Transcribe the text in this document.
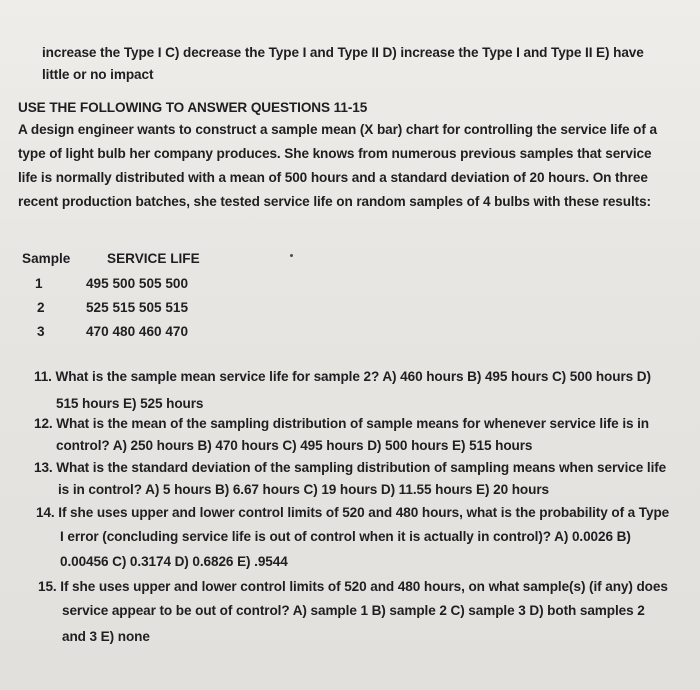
increase the Type I C) decrease the Type I and Type II D) increase the Type I and Type II E) have
little or no impact
USE THE FOLLOWING TO ANSWER QUESTIONS 11-15
A design engineer wants to construct a sample mean (X bar) chart for controlling the service life of a
type of light bulb her company produces. She knows from numerous previous samples that service
life is normally distributed with a mean of 500 hours and a standard deviation of 20 hours. On three
recent production batches, she tested service life on random samples of 4 bulbs with these results:
Sample	SERVICE LIFE
1	495 500 505 500
2	525 515 505 515
3	470 480 460 470
11. What is the sample mean service life for sample 2? A) 460 hours B) 495 hours C) 500 hours D)
515 hours E) 525 hours
12. What is the mean of the sampling distribution of sample means for whenever service life is in
control? A) 250 hours B) 470 hours C) 495 hours D) 500 hours E) 515 hours
13. What is the standard deviation of the sampling distribution of sampling means when service life
is in control? A) 5 hours B) 6.67 hours C) 19 hours D) 11.55 hours E) 20 hours
14. If she uses upper and lower control limits of 520 and 480 hours, what is the probability of a Type
I error (concluding service life is out of control when it is actually in control)? A) 0.0026 B)
0.00456 C) 0.3174 D) 0.6826 E) .9544
15. If she uses upper and lower control limits of 520 and 480 hours, on what sample(s) (if any) does
service appear to be out of control? A) sample 1 B) sample 2 C) sample 3 D) both samples 2
and 3 E) none
